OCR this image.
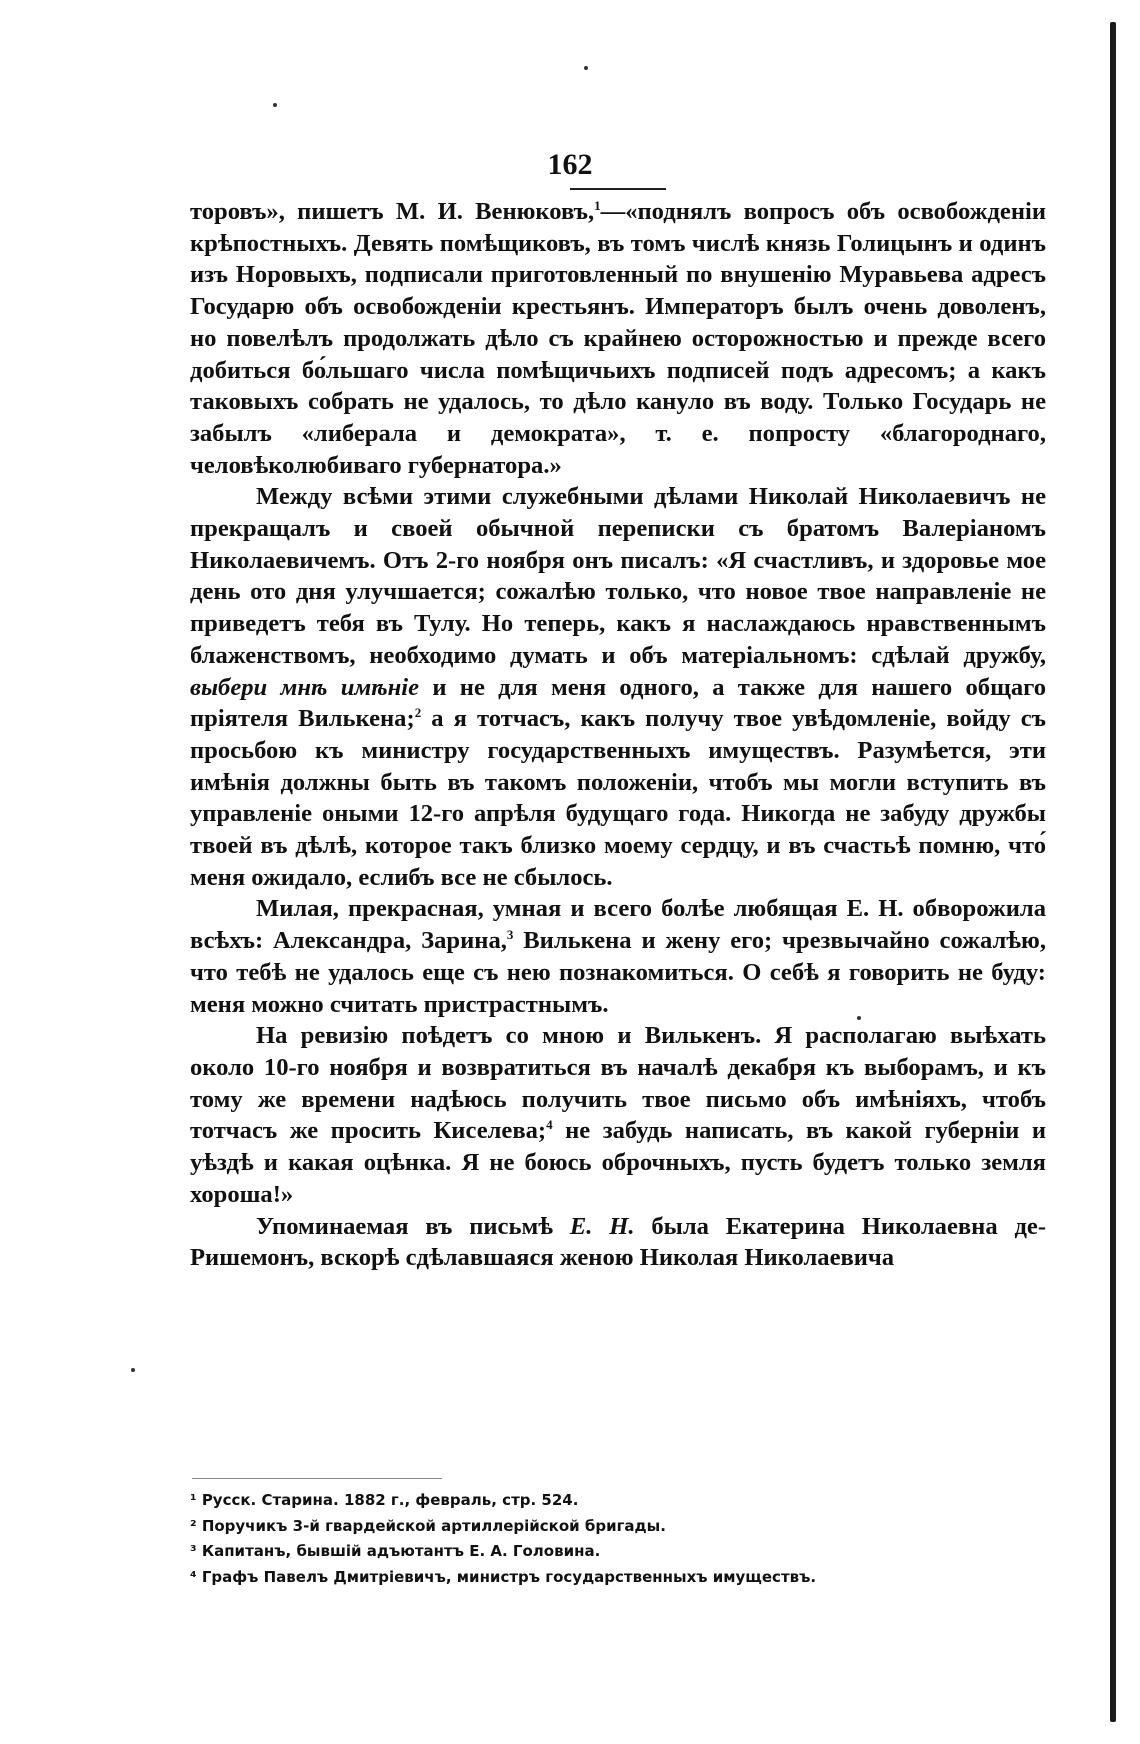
162

торовъ», пишетъ М. И. Венюковъ,$^1$—«поднялъ вопросъ объ освобожденіи крѣпостныхъ. Девять помѣщиковъ, въ томъ числѣ князь Голицынъ и одинъ изъ Норовыхъ, подписали приготовленный по внушенію Муравьева адресъ Государю объ освобожденіи крестьянъ. Императоръ былъ очень доволенъ, но повелѣлъ продолжать дѣло съ крайнею осторожностью и прежде всего добиться бо́льшаго числа помѣщичьихъ подписей подъ адресомъ; а какъ таковыхъ собрать не удалось, то дѣло кануло въ воду. Только Государь не забылъ «либерала и демократа», т. е. попросту «благороднаго, человѣколюбиваго губернатора.»

Между всѣми этими служебными дѣлами Николай Николаевичъ не прекращалъ и своей обычной переписки съ братомъ Валеріаномъ Николаевичемъ. Отъ 2-го ноября онъ писалъ: «Я счастливъ, и здоровье мое день ото дня улучшается; сожалѣю только, что новое твое направленіе не приведетъ тебя въ Тулу. Но теперь, какъ я наслаждаюсь нравственнымъ блаженствомъ, необходимо думать и объ матеріальномъ: сдѣлай дружбу, выбери мнѣ имѣніе и не для меня одного, а также для нашего общаго пріятеля Вилькена;$^2$ а я тотчасъ, какъ получу твое увѣдомленіе, войду съ просьбою къ министру государственныхъ имуществъ. Разумѣется, эти имѣнія должны быть въ такомъ положеніи, чтобъ мы могли вступить въ управленіе оными 12-го апрѣля будущаго года. Никогда не забуду дружбы твоей въ дѣлѣ, которое такъ близко моему сердцу, и въ счастьѣ помню, что́ меня ожидало, еслибъ все не сбылось.

Милая, прекрасная, умная и всего болѣе любящая Е. Н. обворожила всѣхъ: Александра, Зарина,$^3$ Вилькена и жену его; чрезвычайно сожалѣю, что тебѣ не удалось еще съ нею познакомиться. О себѣ я говорить не буду: меня можно считать пристрастнымъ.

На ревизію поѣдетъ со мною и Вилькенъ. Я располагаю выѣхать около 10-го ноября и возвратиться въ началѣ декабря къ выборамъ, и къ тому же времени надѣюсь получить твое письмо объ имѣніяхъ, чтобъ тотчасъ же просить Киселева;$^4$ не забудь написать, въ какой губерніи и уѣздѣ и какая оцѣнка. Я не боюсь оброчныхъ, пусть будетъ только земля хороша!»

Упоминаемая въ письмѣ Е. Н. была Екатерина Николаевна де-Ришемонъ, вскорѣ сдѣлавшаяся женою Николая Николаевича

¹ Русск. Старина. 1882 г., февраль, стр. 524.
² Поручикъ 3-й гвардейской артиллерійской бригады.
³ Капитанъ, бывшій адъютантъ Е. А. Головина.
⁴ Графъ Павелъ Дмитріевичъ, министръ государственныхъ имуществъ.
